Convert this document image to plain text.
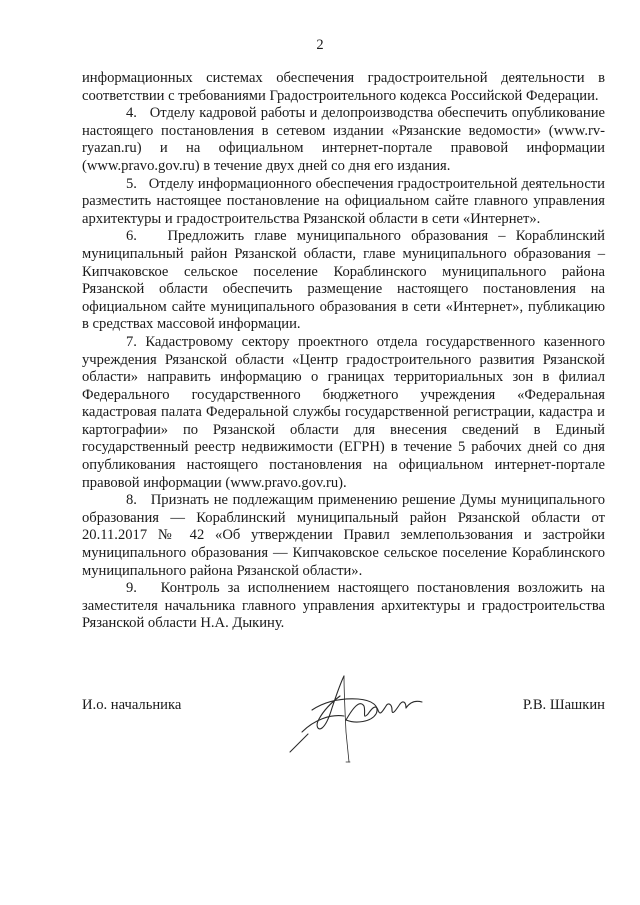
2

информационных системах обеспечения градостроительной деятельности в соответствии с требованиями Градостроительного кодекса Российской Федерации.

4.   Отделу кадровой работы и делопроизводства обеспечить опубликование настоящего постановления в сетевом издании «Рязанские ведомости» (www.rv-ryazan.ru) и на официальном интернет-портале правовой информации (www.pravo.gov.ru) в течение двух дней со дня его издания.

5.   Отделу информационного обеспечения градостроительной деятельности разместить настоящее постановление на официальном сайте главного управления архитектуры и градостроительства Рязанской области в сети «Интернет».

6.   Предложить главе муниципального образования – Кораблинский муниципальный район Рязанской области, главе муниципального образования – Кипчаковское сельское поселение Кораблинского муниципального района Рязанской области обеспечить размещение настоящего постановления на официальном сайте муниципального образования в сети «Интернет», публикацию в средствах массовой информации.

7. Кадастровому сектору проектного отдела государственного казенного учреждения Рязанской области «Центр градостроительного развития Рязанской области» направить информацию о границах территориальных зон в филиал Федерального государственного бюджетного учреждения «Федеральная кадастровая палата Федеральной службы государственной регистрации, кадастра и картографии» по Рязанской области для внесения сведений в Единый государственный реестр недвижимости (ЕГРН) в течение 5 рабочих дней со дня опубликования настоящего постановления на официальном интернет-портале правовой информации (www.pravo.gov.ru).

8.   Признать не подлежащим применению решение Думы муниципального образования — Кораблинский муниципальный район Рязанской области от 20.11.2017 № 42 «Об утверждении Правил землепользования и застройки муниципального образования — Кипчаковское сельское поселение Кораблинского муниципального района Рязанской области».

9.   Контроль за исполнением настоящего постановления возложить на заместителя начальника главного управления архитектуры и градостроительства Рязанской области Н.А. Дыкину.

И.о. начальника	Р.В. Шашкин
